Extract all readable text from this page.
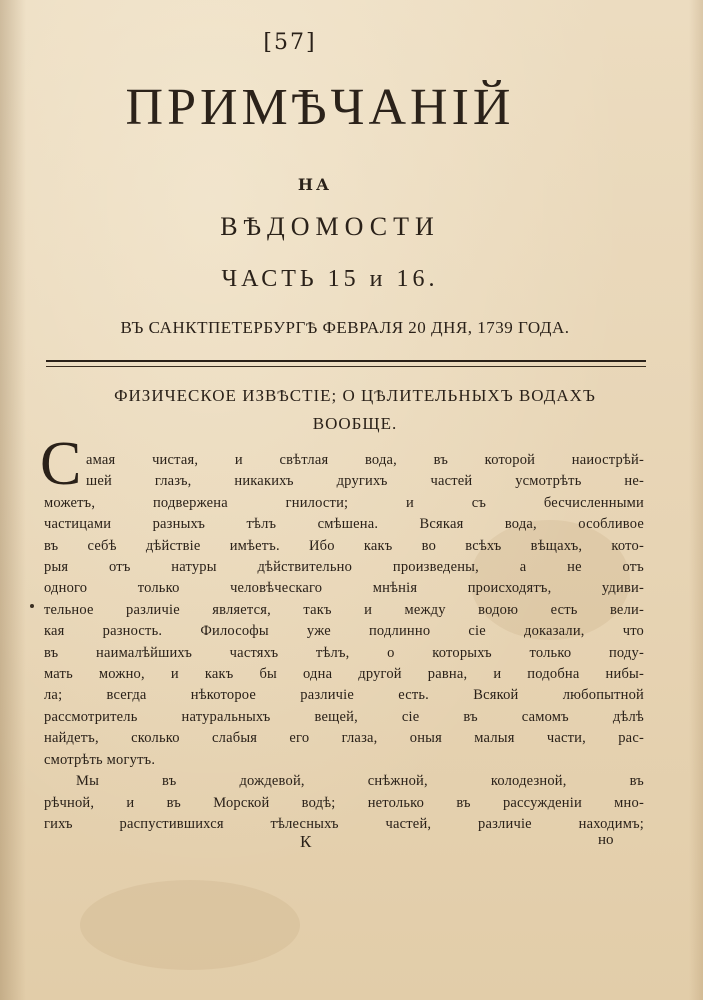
[57]
ПРИМѢЧАНІЙ
НА
ВѢДОМОСТИ
ЧАСТЬ 15 и 16.
ВЪ САНКТПЕТЕРБУРГѢ ФЕВРАЛЯ 20 ДНЯ, 1739 ГОДА.
ФИЗИЧЕСКОЕ ИЗВѢСТІЕ; О ЦѢЛИТЕЛЬНЫХЪ ВОДАХЪ
ВООБЩЕ.
С амая чистая, и свѣтлая вода, въ которой наиострѣй-
шей глазъ, никакихъ другихъ частей усмотрѣть не-
можетъ, подвержена гнилости; и съ бесчисленными
частицами разныхъ тѣлъ смѣшена. Всякая вода, особливое
въ себѣ дѣйствіе имѣетъ. Ибо какъ во всѣхъ вѣщахъ, кото-
рыя отъ натуры дѣйствительно произведены, а не отъ
одного только человѣческаго мнѣнія происходятъ, удиви-
тельное различіе является, такъ и между водою есть вели-
кая разность. Философы уже подлинно сіе доказали, что
въ наималѣйшихъ частяхъ тѣлъ, о которыхъ только поду-
мать можно, и какъ бы одна другой равна, и подобна нибы-
ла; всегда нѣкоторое различіе есть. Всякой любопытной
рассмотритель натуральныхъ вещей, сіе въ самомъ дѣлѣ
найдетъ, сколько слабыя его глаза, оныя малыя части, рас-
смотрѣть могутъ.
Мы въ дождевой, снѣжной, колодезной, въ
рѣчной, и въ Морской водѣ; нетолько въ рассужденіи мно-
гихъ распустившихся тѣлесныхъ частей, различіе находимъ;
К	но
